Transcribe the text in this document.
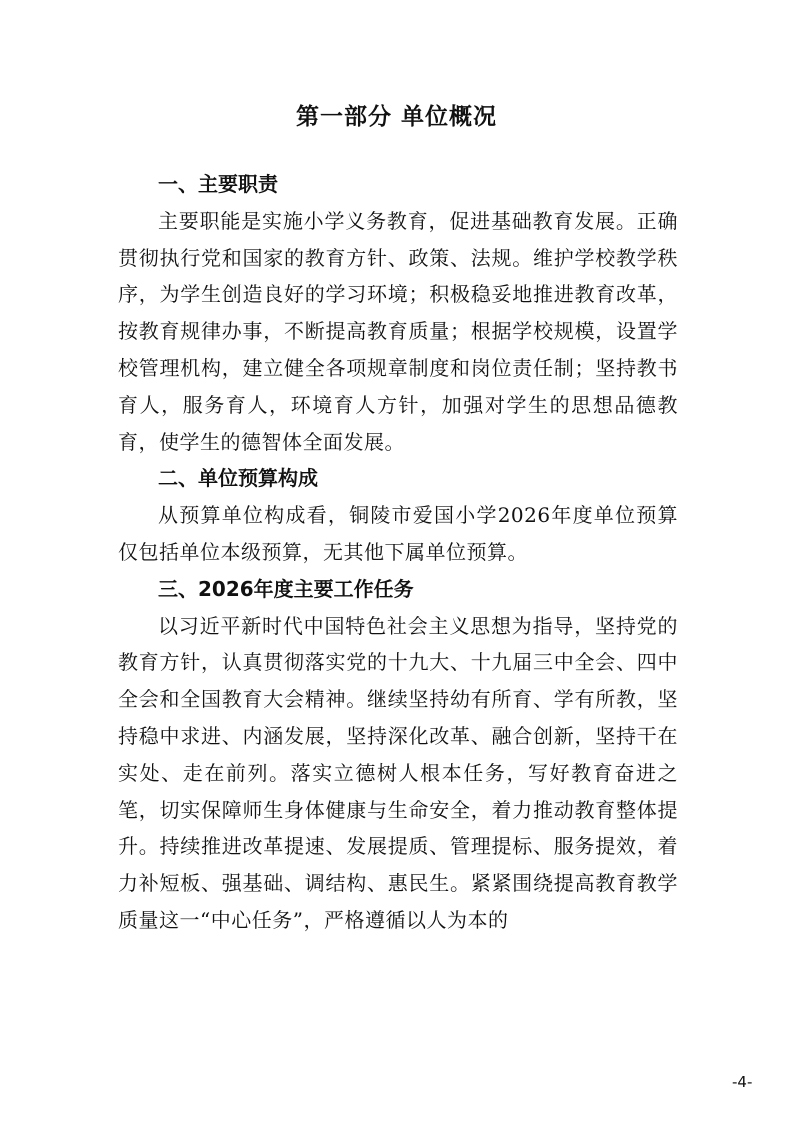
第一部分 单位概况
一、主要职责

主要职能是实施小学义务教育，促进基础教育发展。正确贯彻执行党和国家的教育方针、政策、法规。维护学校教学秩序，为学生创造良好的学习环境；积极稳妥地推进教育改革，按教育规律办事，不断提高教育质量；根据学校规模，设置学校管理机构，建立健全各项规章制度和岗位责任制；坚持教书育人，服务育人，环境育人方针，加强对学生的思想品德教育，使学生的德智体全面发展。

二、单位预算构成

从预算单位构成看，铜陵市爱国小学2026年度单位预算仅包括单位本级预算，无其他下属单位预算。

三、2026年度主要工作任务

以习近平新时代中国特色社会主义思想为指导，坚持党的教育方针，认真贯彻落实党的十九大、十九届三中全会、四中全会和全国教育大会精神。继续坚持幼有所育、学有所教，坚持稳中求进、内涵发展，坚持深化改革、融合创新，坚持干在实处、走在前列。落实立德树人根本任务，写好教育奋进之笔，切实保障师生身体健康与生命安全，着力推动教育整体提升。持续推进改革提速、发展提质、管理提标、服务提效，着力补短板、强基础、调结构、惠民生。紧紧围绕提高教育教学质量这一“中心任务”，严格遵循以人为本的

-4-
